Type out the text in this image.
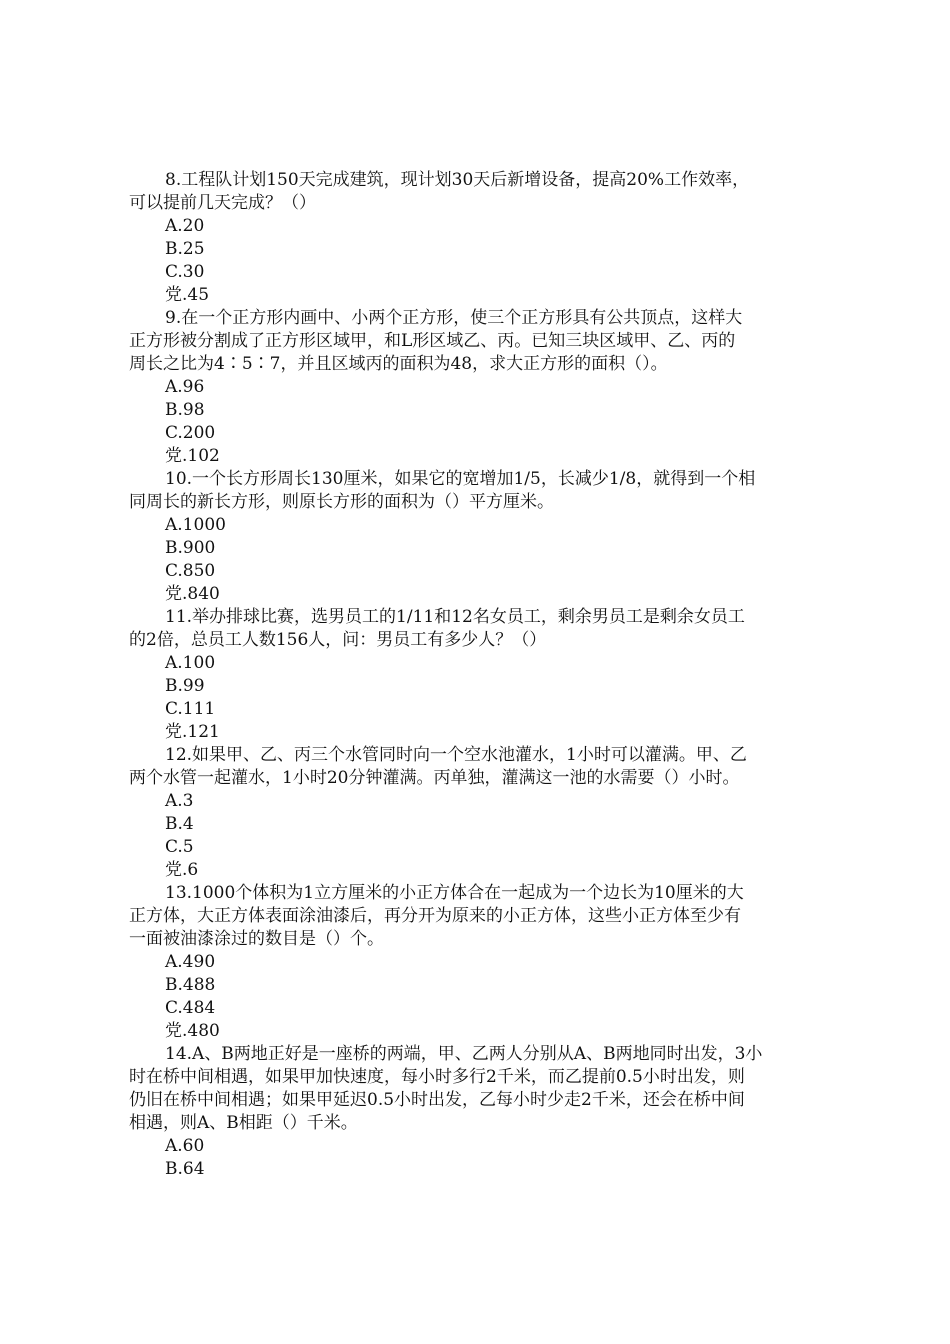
8.工程队计划150天完成建筑，现计划30天后新增设备，提高20%工作效率，
可以提前几天完成？（）
A.20
B.25
C.30
党.45
9.在一个正方形内画中、小两个正方形，使三个正方形具有公共顶点，这样大
正方形被分割成了正方形区域甲，和L形区域乙、丙。已知三块区域甲、乙、丙的
周长之比为4∶5∶7，并且区域丙的面积为48，求大正方形的面积（）。
A.96
B.98
C.200
党.102
10.一个长方形周长130厘米，如果它的宽增加1/5，长减少1/8，就得到一个相
同周长的新长方形，则原长方形的面积为（）平方厘米。
A.1000
B.900
C.850
党.840
11.举办排球比赛，选男员工的1/11和12名女员工，剩余男员工是剩余女员工
的2倍，总员工人数156人，问：男员工有多少人？（）
A.100
B.99
C.111
党.121
12.如果甲、乙、丙三个水管同时向一个空水池灌水，1小时可以灌满。甲、乙
两个水管一起灌水，1小时20分钟灌满。丙单独，灌满这一池的水需要（）小时。
A.3
B.4
C.5
党.6
13.1000个体积为1立方厘米的小正方体合在一起成为一个边长为10厘米的大
正方体，大正方体表面涂油漆后，再分开为原来的小正方体，这些小正方体至少有
一面被油漆涂过的数目是（）个。
A.490
B.488
C.484
党.480
14.A、B两地正好是一座桥的两端，甲、乙两人分别从A、B两地同时出发，3小
时在桥中间相遇，如果甲加快速度，每小时多行2千米，而乙提前0.5小时出发，则
仍旧在桥中间相遇；如果甲延迟0.5小时出发，乙每小时少走2千米，还会在桥中间
相遇，则A、B相距（）千米。
A.60
B.64
